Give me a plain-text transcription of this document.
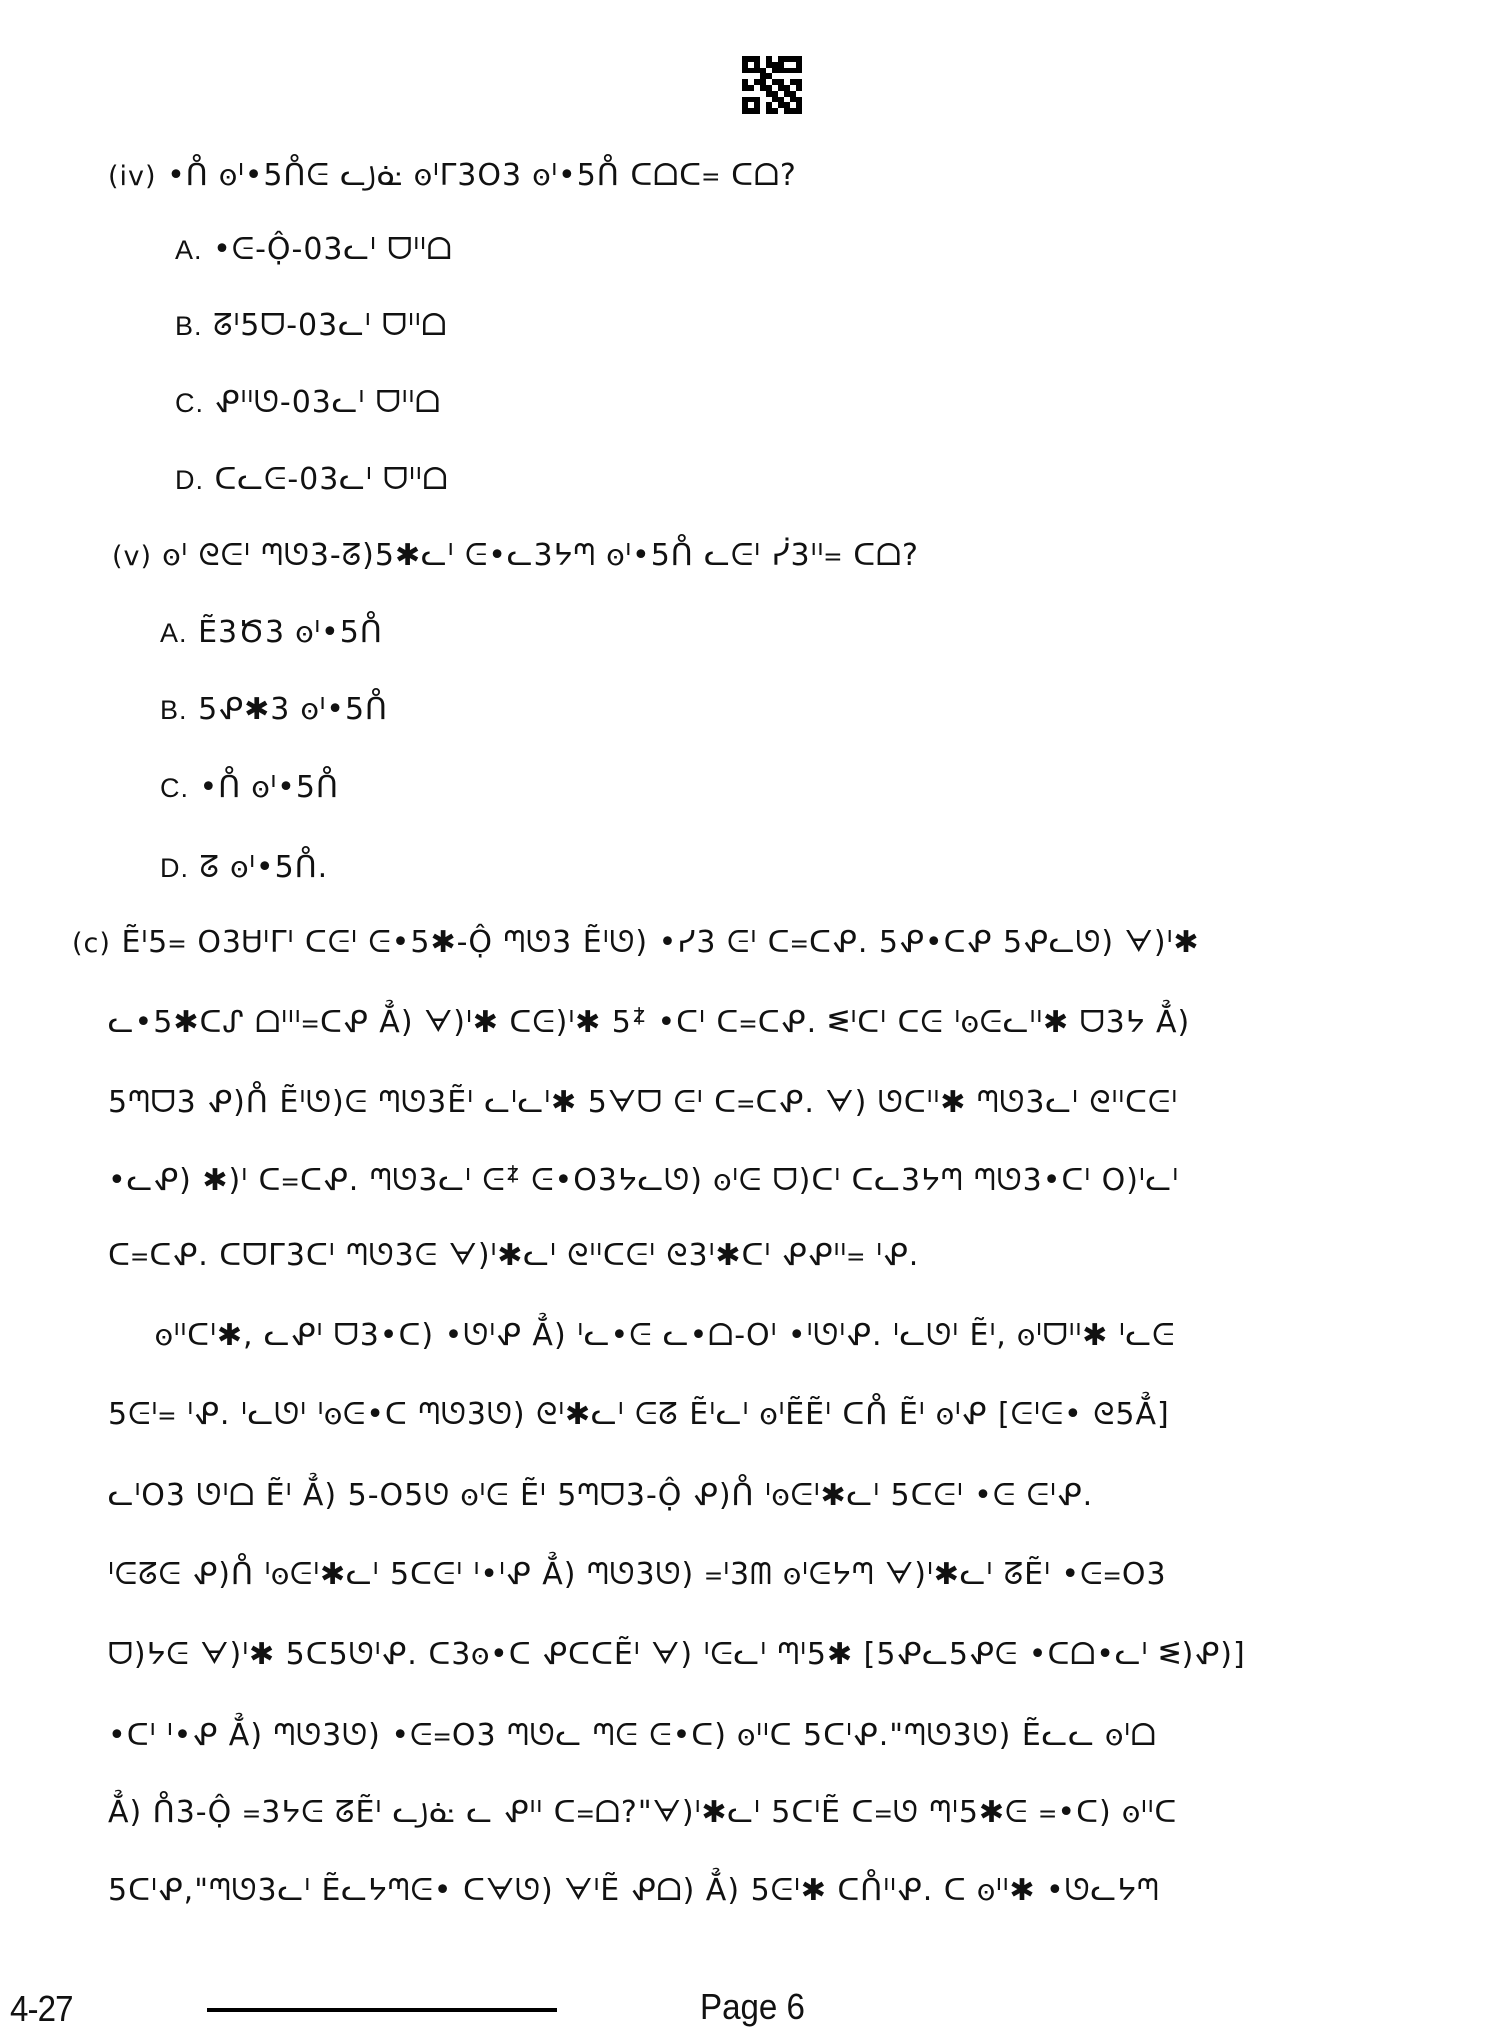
(iv) •ᑍ 𐍈ᑊ•5ᑍᕮ ᓚ꠸ᓎ 𐍈ᑊᒥ3Ο3 𐍈ᑊ•5ᑍ ᑕᗝᑕ᐀ ᑕᗝ?
A. •ᕮ-Ộ-03ᓚᑊ ᗜᑊᑊᗝ
B. ᘔᑊ5ᗜ-03ᓚᑊ ᗜᑊᑊᗝ
C. ᕵᑊᑊᘎ-03ᓚᑊ ᗜᑊᑊᗝ
D. ᑕᓚᕮ-03ᓚᑊ ᗜᑊᑊᗝ
(v) 𐍈ᑊ ᘓᕮᑊ ᘉᘎ3-ᘔ)5✱ᓚᑊ ᕮ•ᓚ3ᔭᘉ 𐍈ᑊ•5ᑍ ᓚᕮᑊ ᓰ3ᑊᑊ᐀ ᑕᗝ?
A. Ẽ3Ծ3 𐍈ᑊ•5ᑍ
B. 5ᕵ✱3 𐍈ᑊ•5ᑍ
C. •ᑍ 𐍈ᑊ•5ᑍ
D. ᘔ 𐍈ᑊ•5ᑍ.
(c) Ẽᑊ5᐀ Ο3Ꮜᑊᒥᑊ ᑕᕮᑊ ᕮ•5✱-Ộ ᘉᘎ3 Ẽᑊᘎ) •ᓯ3 ᕮᑊ ᑕ᐀ᑕᕵ. 5ᕵ•ᑕᕵ 5ᕵᓚᘎ) ᗄ)ᑊ✱
ᓚ•5✱ᑕᔑ ᗝᑊᑊᑊ᐀ᑕᕵ Ẳ) ᗄ)ᑊ✱ ᑕᕮ)ᑊ✱ 5ᙇ •ᑕᑊ ᑕ᐀ᑕᕵ. ᓬᑊᑕᑊ ᑕᕮ ᑊ𐍈ᕮᓚᑊᑊ✱ ᗜ3ᔭ Ẳ)
5ᘉᗜ3 ᕵ)ᑍ Ẽᑊᘎ)ᕮ ᘉᘎ3Ẽᑊ ᓚᑊᓚᑊ✱ 5ᗄᗜ ᕮᑊ ᑕ᐀ᑕᕵ. ᗄ) ᘎᑕᑊᑊ✱ ᘉᘎ3ᓚᑊ ᘓᑊᑊᑕᕮᑊ
•ᓚᕵ) ✱)ᑊ ᑕ᐀ᑕᕵ. ᘉᘎ3ᓚᑊ ᕮᙇ ᕮ•Ο3ᔭᓚᘎ) 𐍈ᑊᕮ ᗜ)ᑕᑊ ᑕᓚ3ᔭᘉ ᘉᘎ3•ᑕᑊ Ο)ᑊᓚᑊ
ᑕ᐀ᑕᕵ. ᑕᗜᒥ3ᑕᑊ ᘉᘎ3ᕮ ᗄ)ᑊ✱ᓚᑊ ᘓᑊᑊᑕᕮᑊ ᘓ3ᑊ✱ᑕᑊ ᕵᕵᑊᑊ᐀ ᑊᕵ.
𐍈ᑊᑊᑕᑊ✱, ᓚᕵᑊ ᗜ3•ᑕ) •ᘎᑊᕵ Ẳ) ᑊᓚ•ᕮ ᓚ•ᗝ-Οᑊ •ᑊᘎᑊᕵ. ᑊᓚᘎᑊ Ẽᑊ, 𐍈ᑊᗜᑊᑊ✱ ᑊᓚᕮ
5ᕮᑊ᐀ ᑊᕵ. ᑊᓚᘎᑊ ᑊ𐍈ᕮ•ᑕ ᘉᘎ3ᘎ) ᘓᑊ✱ᓚᑊ ᕮᘔ Ẽᑊᓚᑊ 𐍈ᑊẼẼᑊ ᑕᑍ Ẽᑊ 𐍈ᑊᕵ [ᕮᑊᕮ• ᘓ5Ẳ]
ᓚᑊΟ3 ᘎᑊᗝ Ẽᑊ Ẳ) 5-Ο5ᘎ 𐍈ᑊᕮ Ẽᑊ 5ᘉᗜ3-Ộ ᕵ)ᑍ ᑊ𐍈ᕮᑊ✱ᓚᑊ 5ᑕᕮᑊ •ᕮ ᕮᑊᕵ.
ᑊᕮᘔᕮ ᕵ)ᑍ ᑊ𐍈ᕮᑊ✱ᓚᑊ 5ᑕᕮᑊ ᑊ•ᑊᕵ Ẳ) ᘉᘎ3ᘎ) ᐀ᑊ3ᗰ 𐍈ᑊᕮᔭᘉ ᗄ)ᑊ✱ᓚᑊ ᘔẼᑊ •ᕮ᐀Ο3
ᗜ)ᔭᕮ ᗄ)ᑊ✱ 5ᑕ5ᘎᑊᕵ. ᑕ3𐍈•ᑕ ᕵᑕᑕẼᑊ ᗄ) ᑊᕮᓚᑊ ᘉᑊ5✱ [5ᕵᓚ5ᕵᕮ •ᑕᗝ•ᓚᑊ ᓬ)ᕵ)]
•ᑕᑊ ᑊ•ᕵ Ẳ) ᘉᘎ3ᘎ) •ᕮ᐀Ο3 ᘉᘎᓚ ᘉᕮ ᕮ•ᑕ) 𐍈ᑊᑊᑕ 5ᑕᑊᕵ."ᘉᘎ3ᘎ) Ẽᓚᓚ 𐍈ᑊᗝ
Ẳ) ᑍ3-Ộ ᐀3ᔭᕮ ᘔẼᑊ ᓚ꠸ᓎ ᓚ ᕵᑊᑊ ᑕ᐀ᗝ?"ᗄ)ᑊ✱ᓚᑊ 5ᑕᑊẼ ᑕ᐀ᘎ ᘉᑊ5✱ᕮ ᐀•ᑕ) 𐍈ᑊᑊᑕ
5ᑕᑊᕵ,"ᘉᘎ3ᓚᑊ Ẽᓚᔭᘉᕮ• ᑕᗄᘎ) ᗄᑊẼ ᕵᗝ) Ẳ) 5ᕮᑊ✱ ᑕᑍᑊᑊᕵ. ᑕ 𐍈ᑊᑊ✱ •ᘎᓚᔭᘉ
4-27	Page 6
